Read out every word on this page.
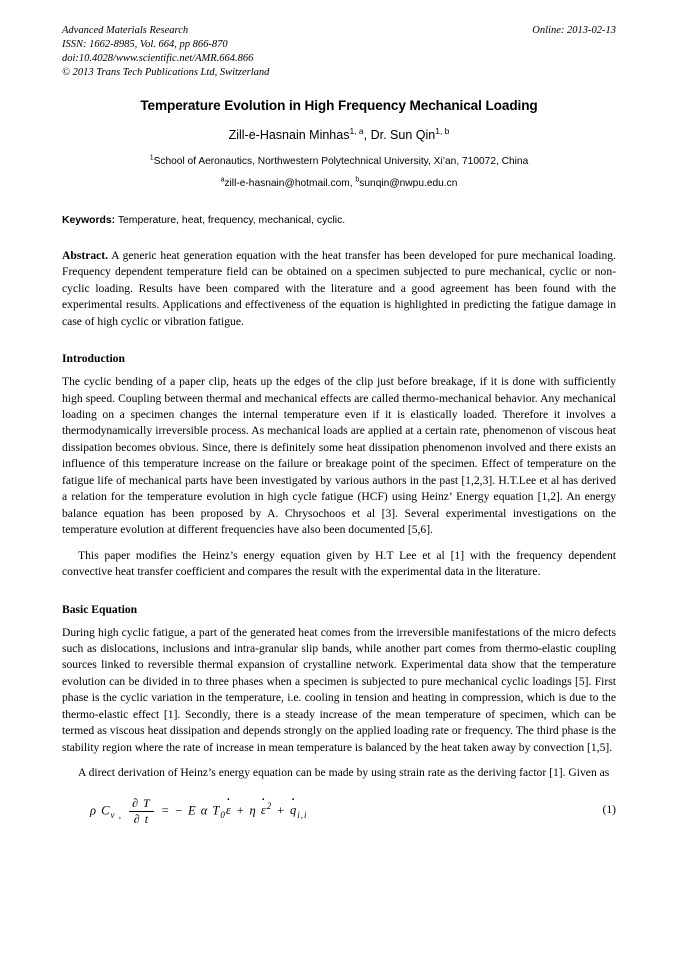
Advanced Materials Research
ISSN: 1662-8985, Vol. 664, pp 866-870
doi:10.4028/www.scientific.net/AMR.664.866
© 2013 Trans Tech Publications Ltd, Switzerland
Online: 2013-02-13
Temperature Evolution in High Frequency Mechanical Loading
Zill-e-Hasnain Minhas$^{1, a}$, Dr. Sun Qin$^{1, b}$
$^1$School of Aeronautics, Northwestern Polytechnical University, Xi’an, 710072, China
$^a$zill-e-hasnain@hotmail.com, $^b$sunqin@nwpu.edu.cn
Keywords: Temperature, heat, frequency, mechanical, cyclic.
Abstract. A generic heat generation equation with the heat transfer has been developed for pure mechanical loading. Frequency dependent temperature field can be obtained on a specimen subjected to pure mechanical, cyclic or non-cyclic loading. Results have been compared with the literature and a good agreement has been found with the experimental results. Applications and effectiveness of the equation is highlighted in predicting the fatigue damage in case of high cyclic or vibration fatigue.
Introduction

The cyclic bending of a paper clip, heats up the edges of the clip just before breakage, if it is done with sufficiently high speed. Coupling between thermal and mechanical effects are called thermo-mechanical behavior. Any mechanical loading on a specimen changes the internal temperature even if it is elastically loaded. Therefore it involves a thermodynamically irreversible process. As mechanical loads are applied at a certain rate, phenomenon of viscous heat dissipation becomes obvious. Since, there is definitely some heat dissipation phenomenon involved and there exists an influence of this temperature increase on the failure or breakage point of the specimen. Effect of temperature on the fatigue life of mechanical parts have been investigated by various authors in the past [1,2,3]. H.T.Lee et al has derived a relation for the temperature evolution in high cycle fatigue (HCF) using Heinz’ Energy equation [1,2]. An energy balance equation has been proposed by A. Chrysochoos et al [3]. Several experimental investigations on the temperature evolution at different frequencies have also been documented [5,6].

This paper modifies the Heinz’s energy equation given by H.T Lee et al [1] with the frequency dependent convective heat transfer coefficient and compares the result with the experimental data in the literature.

Basic Equation

During high cyclic fatigue, a part of the generated heat comes from the irreversible manifestations of the micro defects such as dislocations, inclusions and intra-granular slip bands, while another part comes from thermo-elastic coupling sources linked to reversible thermal expansion of crystalline network. Experimental data show that the temperature evolution can be divided in to three phases when a specimen is subjected to pure mechanical cyclic loadings [5]. First phase is the cyclic variation in the temperature, i.e. cooling in tension and heating in compression, which is due to the thermo-elastic effect [1]. Secondly, there is a steady increase of the mean temperature of specimen, which can be termed as viscous heat dissipation and depends strongly on the applied loading rate or frequency. The third phase is the stability region where the rate of increase in mean temperature is balanced by the heat taken away by convection [1,5].

A direct derivation of Heinz’s energy equation can be made by using strain rate as the deriving factor [1]. Given as

ρ $C_{v ,} \frac{\partial T}{\partial t}$ = − E α $T_0\varepsilon$ · + η $\varepsilon \cdot^2 + q \cdot_{i,i}$	(1)
